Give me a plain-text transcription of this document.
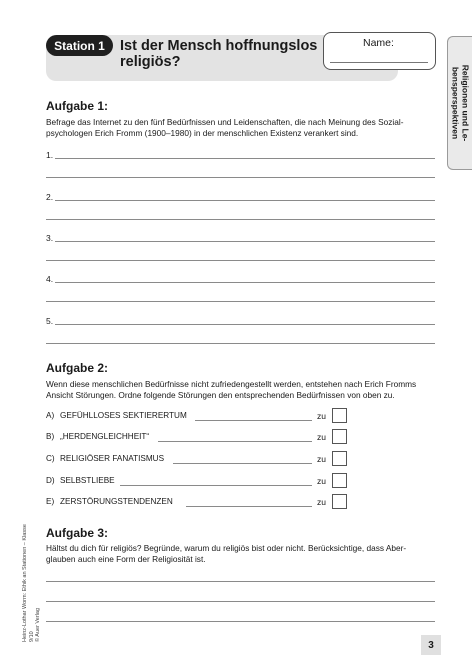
Station 1	Ist der Mensch hoffnungslos
religiös?
Name:
Religionen und Le-
bensperspektiven
Aufgabe 1:
Befrage das Internet zu den fünf Bedürfnissen und Leidenschaften, die nach Meinung des Sozial-
psychologen Erich Fromm (1900–1980) in der menschlichen Existenz verankert sind.
1.
2.
3.
4.
5.
Aufgabe 2:
Wenn diese menschlichen Bedürfnisse nicht zufriedengestellt werden, entstehen nach Erich Fromms
Ansicht Störungen. Ordne folgende Störungen den entsprechenden Bedürfnissen von oben zu.
A) GEFÜHLLOSES SEKTIERERTUM	zu
B) „HERDENGLEICHHEIT“	zu
C) RELIGIÖSER FANATISMUS	zu
D) SELBSTLIEBE	zu
E) ZERSTÖRUNGSTENDENZEN	zu
Aufgabe 3:
Hältst du dich für religiös? Begründe, warum du religiös bist oder nicht. Berücksichtige, dass Aber-
glauben auch eine Form der Religiosität ist.
Heinz-Lothar Worm: Ethik an Stationen – Klasse 9/10
© Auer Verlag
3
